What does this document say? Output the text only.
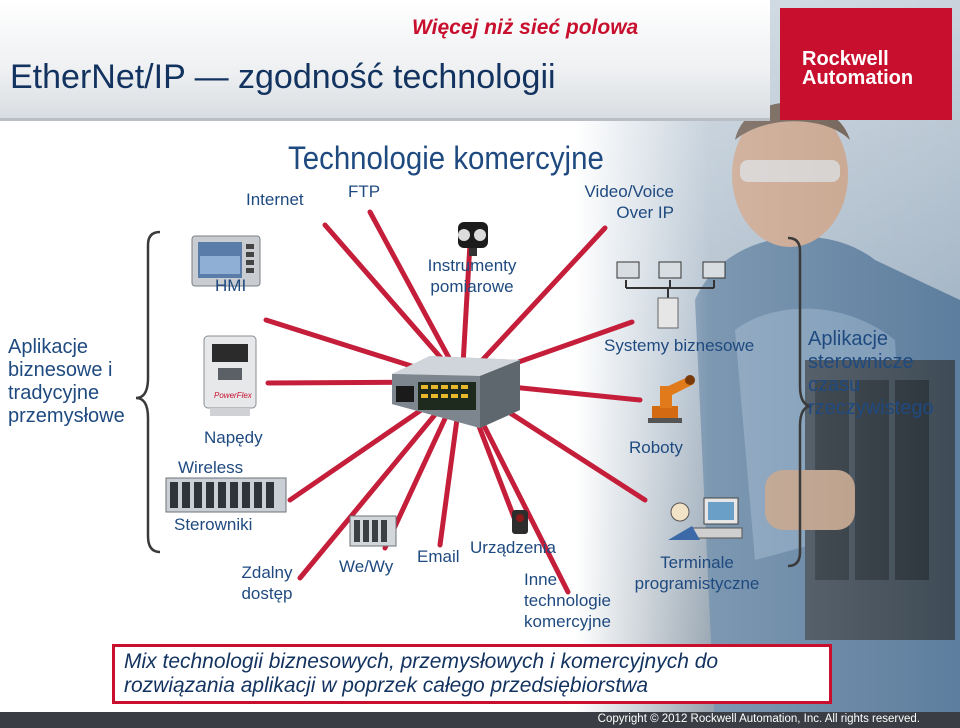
Więcej niż sieć polowa
EtherNet/IP — zgodność technologii	Rockwell
Automation
PowerFlex
Technologie komercyjne
Internet	FTP	Video/Voice Over IP
HMI
Instrumenty pomiarowe
Systemy biznesowe
Napędy
Wireless
Roboty
Sterowniki
Zdalny dostęp
We/Wy
Email Urządzenia
Inne technologie komercyjne
Terminale programistyczne
Aplikacje biznesowe i tradycyjne przemysłowe
Aplikacje sterownicze czasu rzeczywistego
Mix technologii biznesowych, przemysłowych i komercyjnych do
rozwiązania aplikacji w poprzek całego przedsiębiorstwa
Copyright © 2012 Rockwell Automation, Inc. All rights reserved.
